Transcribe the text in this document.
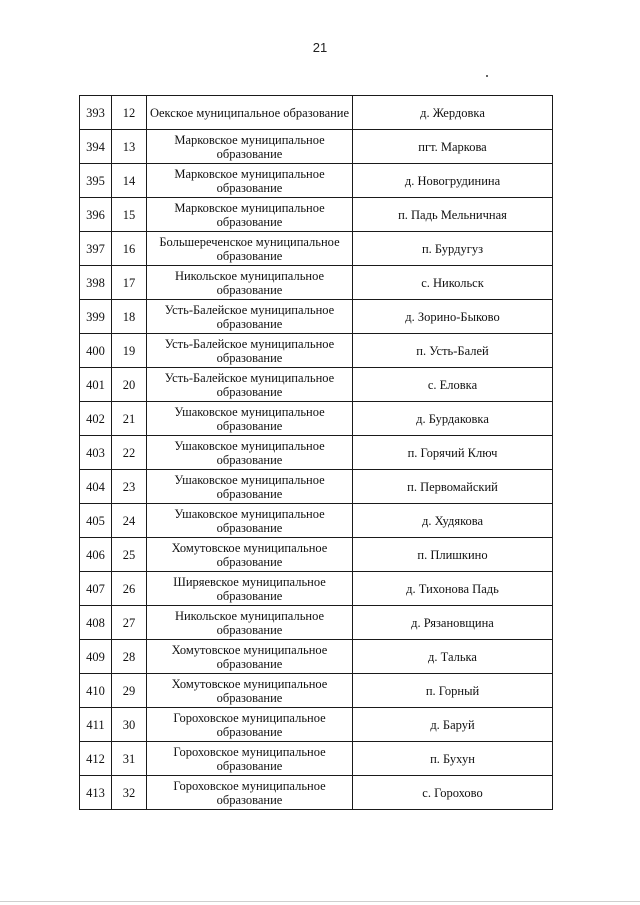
21
393	12	Оекское муниципальное образование	д. Жердовка
394	13	Марковское муниципальное образование	пгт. Маркова
395	14	Марковское муниципальное образование	д. Новогрудинина
396	15	Марковское муниципальное образование	п. Падь Мельничная
397	16	Большереченское муниципальное образование	п. Бурдугуз
398	17	Никольское муниципальное образование	с. Никольск
399	18	Усть-Балейское муниципальное образование	д. Зорино-Быково
400	19	Усть-Балейское муниципальное образование	п. Усть-Балей
401	20	Усть-Балейское муниципальное образование	с. Еловка
402	21	Ушаковское муниципальное образование	д. Бурдаковка
403	22	Ушаковское муниципальное образование	п. Горячий Ключ
404	23	Ушаковское муниципальное образование	п. Первомайский
405	24	Ушаковское муниципальное образование	д. Худякова
406	25	Хомутовское муниципальное образование	п. Плишкино
407	26	Ширяевское муниципальное образование	д. Тихонова Падь
408	27	Никольское муниципальное образование	д. Рязановщина
409	28	Хомутовское муниципальное образование	д. Талька
410	29	Хомутовское муниципальное образование	п. Горный
411	30	Гороховское муниципальное образование	д. Баруй
412	31	Гороховское муниципальное образование	п. Бухун
413	32	Гороховское муниципальное образование	с. Горохово
